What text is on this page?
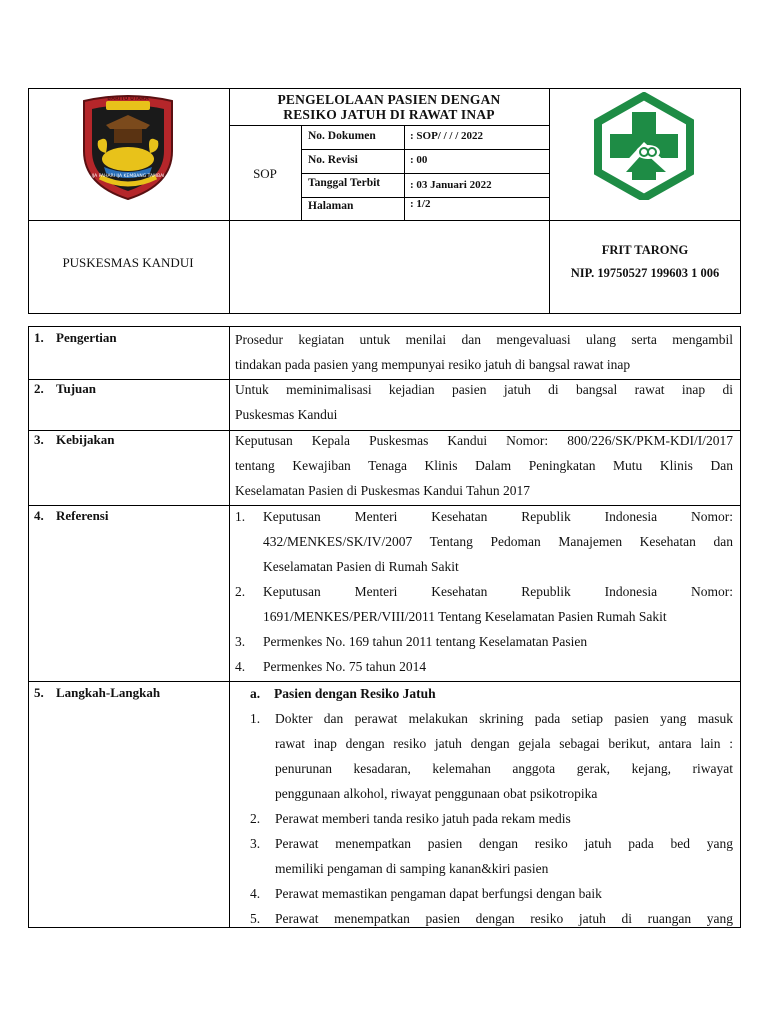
BARITO UTARA
IJA PAHARI IJA KEMBANG TAMBAI
PENGELOLAAN PASIEN DENGAN
RESIKO JATUH DI RAWAT INAP
SOP
No. Dokumen	: SOP/ / / / 2022
No. Revisi	: 00
Tanggal Terbit	: 03 Januari 2022
Halaman	: 1/2
PUSKESMAS KANDUI
FRIT TARONG
NIP. 19750527 199603 1 006
1. Pengertian	Prosedur kegiatan untuk menilai dan mengevaluasi ulang serta mengambil
tindakan pada pasien yang mempunyai resiko jatuh di bangsal rawat inap
2. Tujuan	Untuk meminimalisasi kejadian pasien jatuh di bangsal rawat inap di
Puskesmas Kandui
3. Kebijakan	Keputusan Kepala Puskesmas Kandui Nomor: 800/226/SK/PKM-KDI/I/2017
tentang Kewajiban Tenaga Klinis Dalam Peningkatan Mutu Klinis Dan
Keselamatan Pasien di Puskesmas Kandui Tahun 2017
4. Referensi	1. Keputusan Menteri Kesehatan Republik Indonesia Nomor:
432/MENKES/SK/IV/2007 Tentang Pedoman Manajemen Kesehatan dan
Keselamatan Pasien di Rumah Sakit
2. Keputusan Menteri Kesehatan Republik Indonesia Nomor:
1691/MENKES/PER/VIII/2011 Tentang Keselamatan Pasien Rumah Sakit
3. Permenkes No. 169 tahun 2011 tentang Keselamatan Pasien
4. Permenkes No. 75 tahun 2014
5. Langkah-Langkah	a. Pasien dengan Resiko Jatuh
1. Dokter dan perawat melakukan skrining pada setiap pasien yang masuk
rawat inap dengan resiko jatuh dengan gejala sebagai berikut, antara lain :
penurunan kesadaran, kelemahan anggota gerak, kejang, riwayat
penggunaan alkohol, riwayat penggunaan obat psikotropika
2. Perawat memberi tanda resiko jatuh pada rekam medis
3. Perawat menempatkan pasien dengan resiko jatuh pada bed yang
memiliki pengaman di samping kanan&kiri pasien
4. Perawat memastikan pengaman dapat berfungsi dengan baik
5. Perawat menempatkan pasien dengan resiko jatuh di ruangan yang
